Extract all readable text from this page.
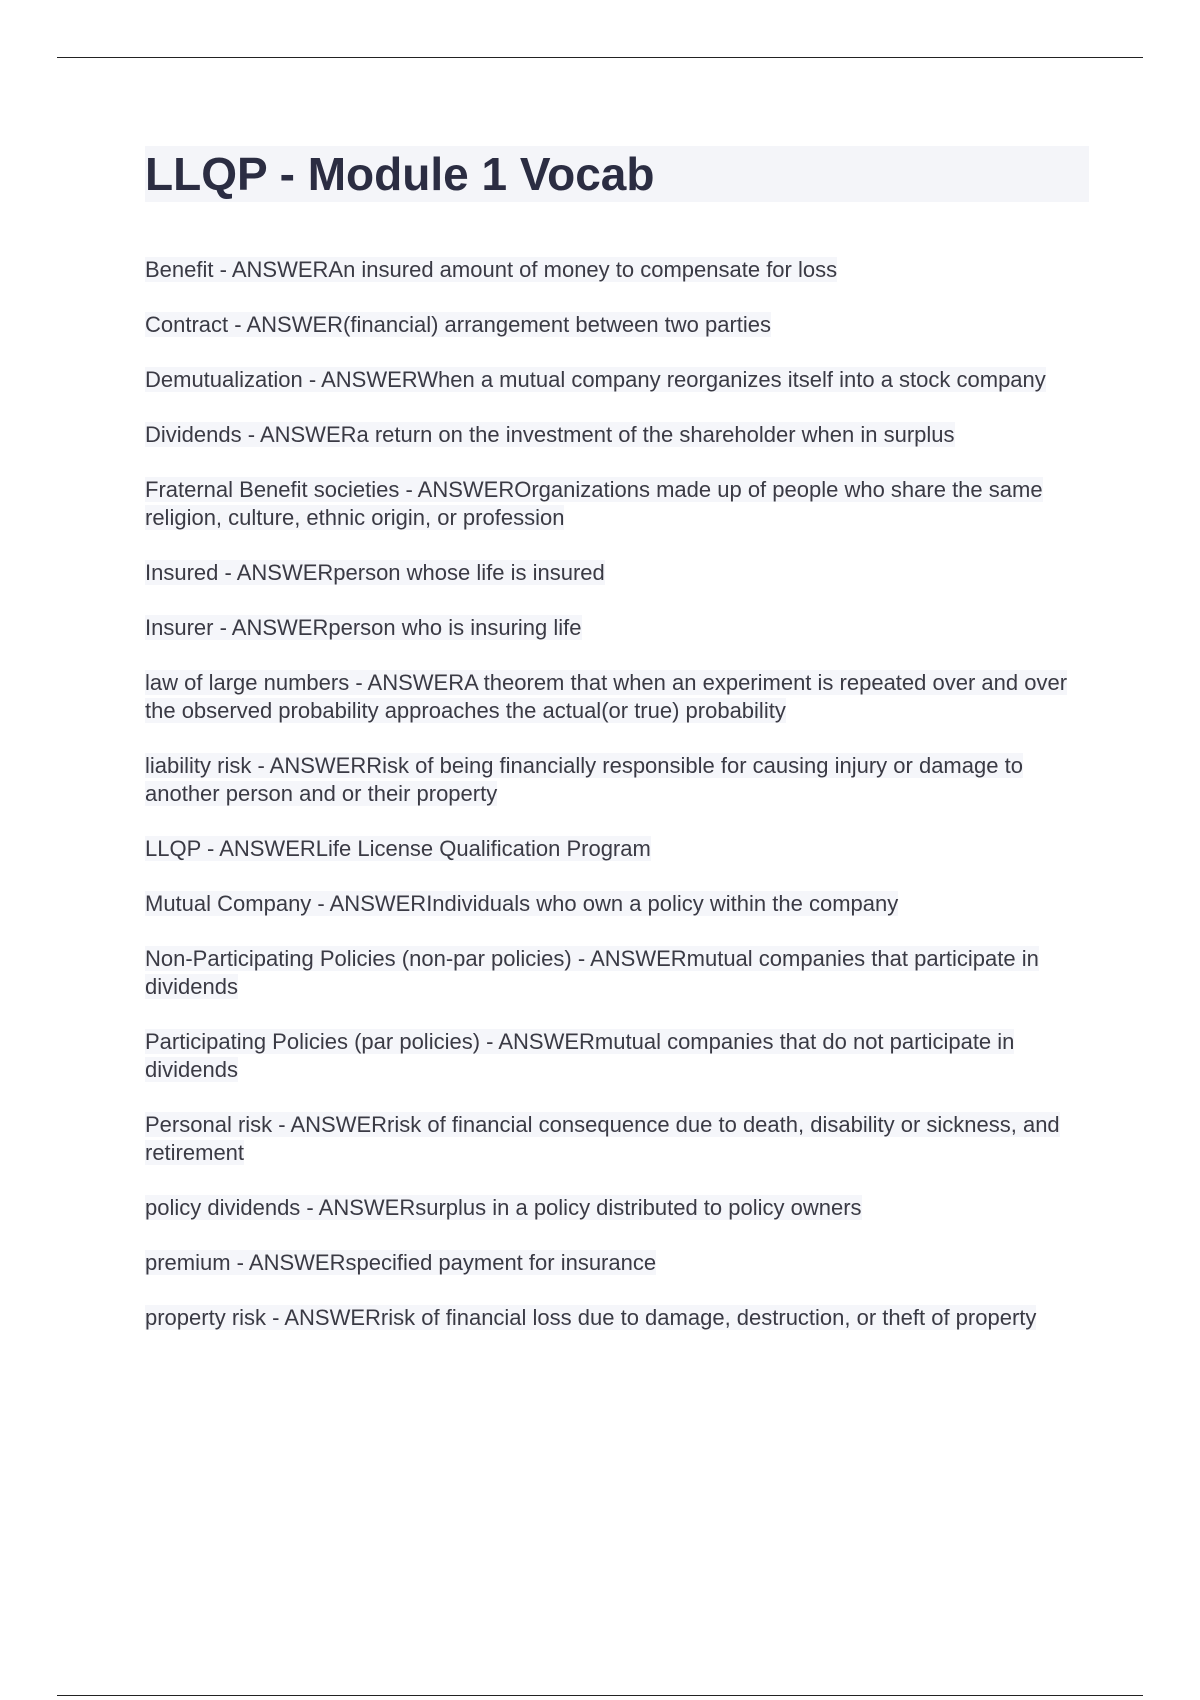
LLQP - Module 1 Vocab

Benefit - ANSWERAn insured amount of money to compensate for loss

Contract - ANSWER(financial) arrangement between two parties

Demutualization - ANSWERWhen a mutual company reorganizes itself into a stock company

Dividends - ANSWERa return on the investment of the shareholder when in surplus

Fraternal Benefit societies - ANSWEROrganizations made up of people who share the same religion, culture, ethnic origin, or profession

Insured - ANSWERperson whose life is insured

Insurer - ANSWERperson who is insuring life

law of large numbers - ANSWERA theorem that when an experiment is repeated over and over the observed probability approaches the actual(or true) probability

liability risk - ANSWERRisk of being financially responsible for causing injury or damage to another person and or their property

LLQP - ANSWERLife License Qualification Program

Mutual Company - ANSWERIndividuals who own a policy within the company

Non-Participating Policies (non-par policies) - ANSWERmutual companies that participate in dividends

Participating Policies (par policies) - ANSWERmutual companies that do not participate in dividends

Personal risk - ANSWERrisk of financial consequence due to death, disability or sickness, and retirement

policy dividends - ANSWERsurplus in a policy distributed to policy owners

premium - ANSWERspecified payment for insurance

property risk - ANSWERrisk of financial loss due to damage, destruction, or theft of property
